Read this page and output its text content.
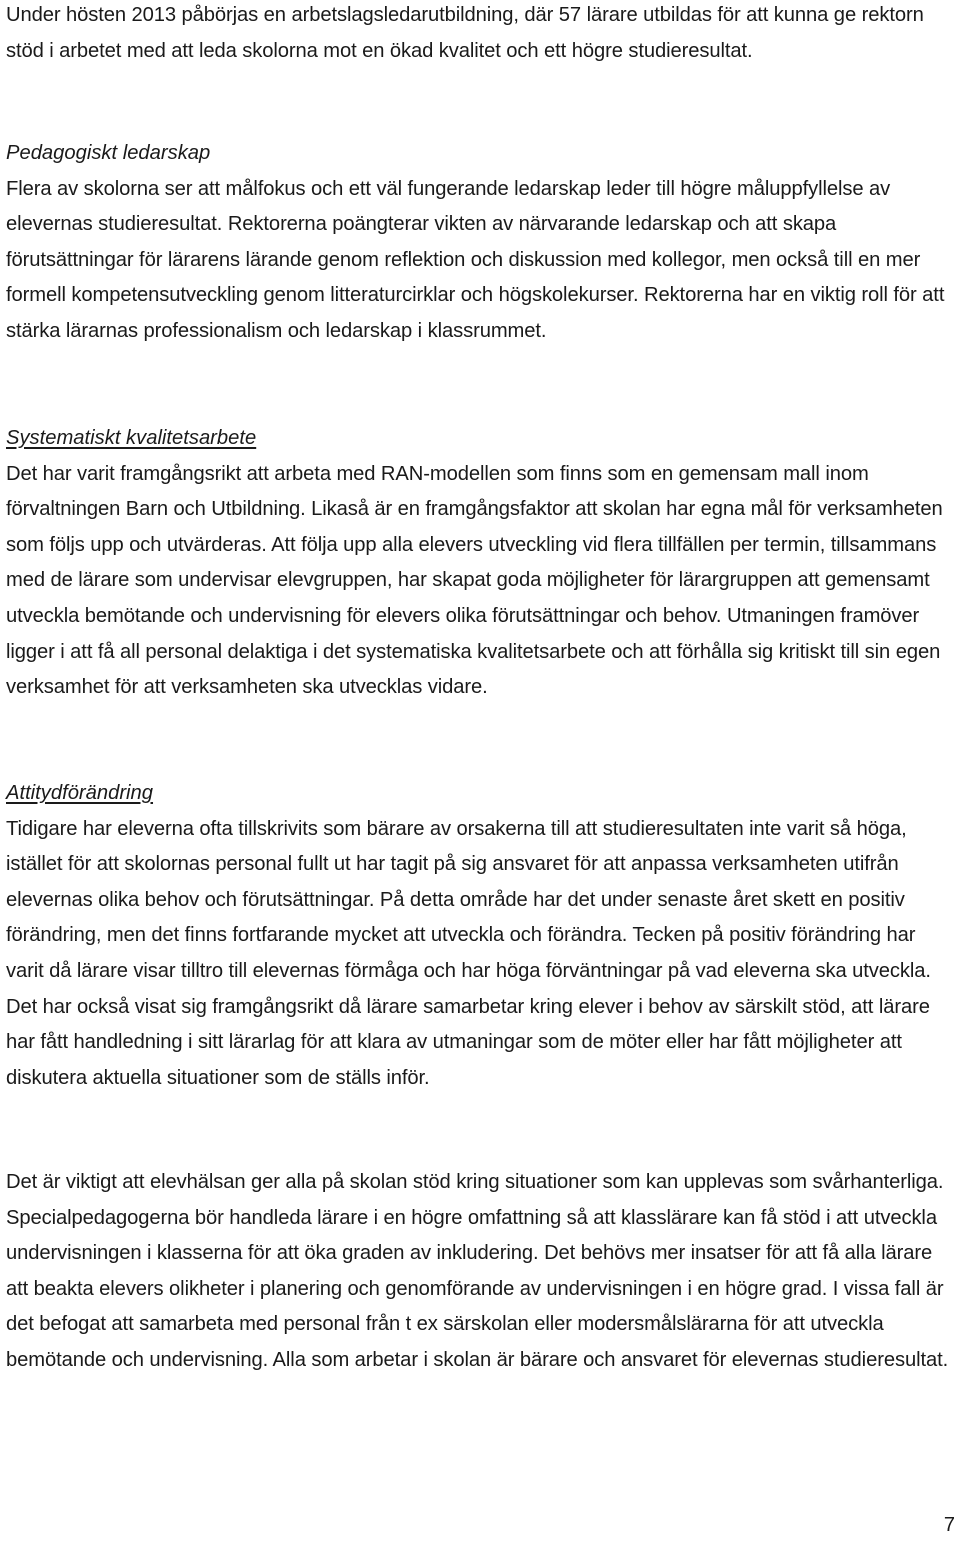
Under hösten 2013 påbörjas en arbetslagsledarutbildning, där 57 lärare utbildas för att kunna ge rektorn stöd i arbetet med att leda skolorna mot en ökad kvalitet och ett högre studieresultat.

Pedagogiskt ledarskap

Flera av skolorna ser att målfokus och ett väl fungerande ledarskap leder till högre måluppfyllelse av elevernas studieresultat. Rektorerna poängterar vikten av närvarande ledarskap och att skapa förutsättningar för lärarens lärande genom reflektion och diskussion med kollegor, men också till en mer formell kompetensutveckling genom litteraturcirklar och högskolekurser. Rektorerna har en viktig roll för att stärka lärarnas professionalism och ledarskap i klassrummet.

Systematiskt kvalitetsarbete

Det har varit framgångsrikt att arbeta med RAN-modellen som finns som en gemensam mall inom förvaltningen Barn och Utbildning. Likaså är en framgångsfaktor att skolan har egna mål för verksamheten som följs upp och utvärderas. Att följa upp alla elevers utveckling vid flera tillfällen per termin, tillsammans med de lärare som undervisar elevgruppen, har skapat goda möjligheter för lärargruppen att gemensamt utveckla bemötande och undervisning för elevers olika förutsättningar och behov. Utmaningen framöver ligger i att få all personal delaktiga i det systematiska kvalitetsarbete och att förhålla sig kritiskt till sin egen verksamhet för att verksamheten ska utvecklas vidare.

Attitydförändring

Tidigare har eleverna ofta tillskrivits som bärare av orsakerna till att studieresultaten inte varit så höga, istället för att skolornas personal fullt ut har tagit på sig ansvaret för att anpassa verksamheten utifrån elevernas olika behov och förutsättningar. På detta område har det under senaste året skett en positiv förändring, men det finns fortfarande mycket att utveckla och förändra. Tecken på positiv förändring har varit då lärare visar tilltro till elevernas förmåga och har höga förväntningar på vad eleverna ska utveckla. Det har också visat sig framgångsrikt då lärare samarbetar kring elever i behov av särskilt stöd, att lärare har fått handledning i sitt lärarlag för att klara av utmaningar som de möter eller har fått möjligheter att diskutera aktuella situationer som de ställs inför.

Det är viktigt att elevhälsan ger alla på skolan stöd kring situationer som kan upplevas som svårhanterliga. Specialpedagogerna bör handleda lärare i en högre omfattning så att klasslärare kan få stöd i att utveckla undervisningen i klasserna för att öka graden av inkludering. Det behövs mer insatser för att få alla lärare att beakta elevers olikheter i planering och genomförande av undervisningen i en högre grad. I vissa fall är det befogat att samarbeta med personal från t ex särskolan eller modersmålslärarna för att utveckla bemötande och undervisning. Alla som arbetar i skolan är bärare och ansvaret för elevernas studieresultat.

7
